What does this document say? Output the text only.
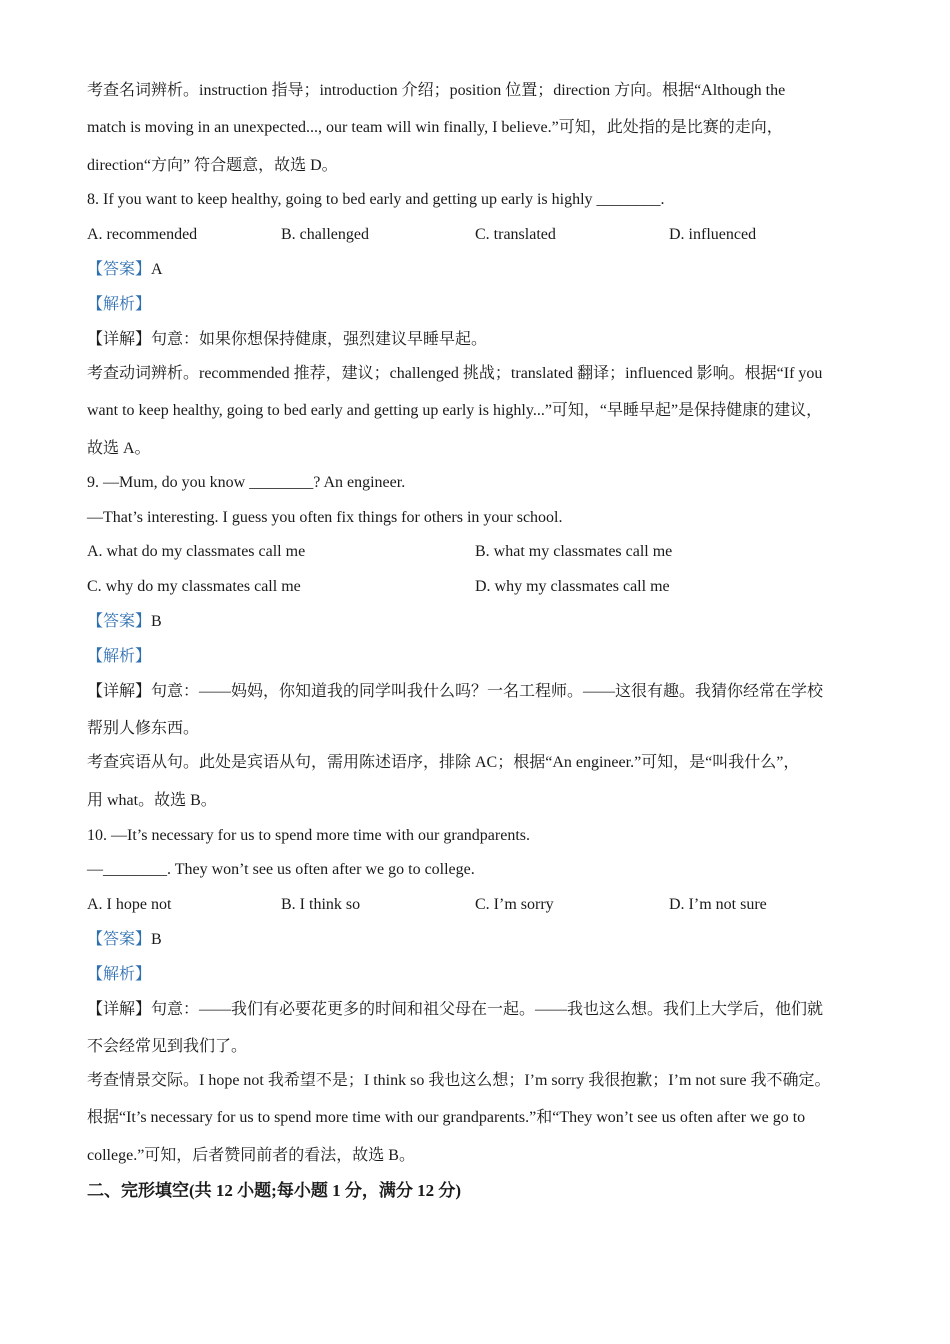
考查名词辨析。instruction 指导；introduction 介绍；position 位置；direction 方向。根据“Although the
match is moving in an unexpected..., our team will win finally, I believe.”可知，此处指的是比赛的走向，
direction“方向” 符合题意，故选 D。
8. If you want to keep healthy, going to bed early and getting up early is highly ________.
A. recommended	B. challenged	C. translated	D. influenced
【答案】A
【解析】
【详解】句意：如果你想保持健康，强烈建议早睡早起。
考查动词辨析。recommended 推荐，建议；challenged 挑战；translated 翻译；influenced 影响。根据“If you
want to keep healthy, going to bed early and getting up early is highly...”可知，“早睡早起”是保持健康的建议，
故选 A。
9. —Mum, do you know ________? An engineer.
—That’s interesting. I guess you often fix things for others in your school.
A. what do my classmates call me	B. what my classmates call me
C. why do my classmates call me	D. why my classmates call me
【答案】B
【解析】
【详解】句意：——妈妈，你知道我的同学叫我什么吗？一名工程师。——这很有趣。我猜你经常在学校
帮别人修东西。
考查宾语从句。此处是宾语从句，需用陈述语序，排除 AC；根据“An engineer.”可知，是“叫我什么”，
用 what。故选 B。
10. —It’s necessary for us to spend more time with our grandparents.
—________. They won’t see us often after we go to college.
A. I hope not	B. I think so	C. I’m sorry	D. I’m not sure
【答案】B
【解析】
【详解】句意：——我们有必要花更多的时间和祖父母在一起。——我也这么想。我们上大学后，他们就
不会经常见到我们了。
考查情景交际。I hope not 我希望不是；I think so 我也这么想；I’m sorry 我很抱歉；I’m not sure 我不确定。
根据“It’s necessary for us to spend more time with our grandparents.”和“They won’t see us often after we go to
college.”可知，后者赞同前者的看法，故选 B。
二、完形填空(共 12 小题;每小题 1 分，满分 12 分)
